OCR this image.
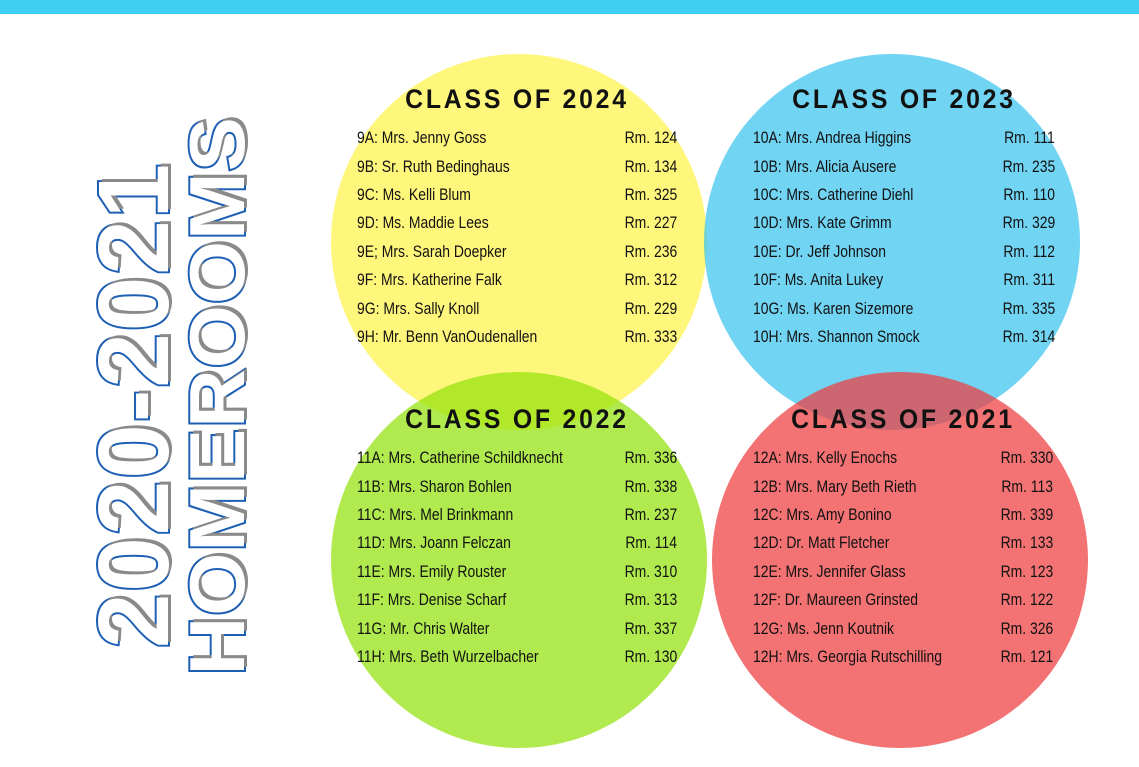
2020-2021
HOMEROOMS
CLASS OF 2024
9A: Mrs. Jenny Goss	Rm. 124
9B: Sr. Ruth Bedinghaus	Rm. 134
9C: Ms. Kelli Blum	Rm. 325
9D: Ms. Maddie Lees	Rm. 227
9E; Mrs. Sarah Doepker	Rm. 236
9F: Mrs. Katherine Falk	Rm. 312
9G: Mrs. Sally Knoll	Rm. 229
9H: Mr. Benn VanOudenallen	Rm. 333
CLASS OF 2023
10A: Mrs. Andrea Higgins	Rm. 111
10B: Mrs. Alicia Ausere	Rm. 235
10C: Mrs. Catherine Diehl	Rm. 110
10D: Mrs. Kate Grimm	Rm. 329
10E: Dr. Jeff Johnson	Rm. 112
10F: Ms. Anita Lukey	Rm. 311
10G: Ms. Karen Sizemore	Rm. 335
10H: Mrs. Shannon Smock	Rm. 314
CLASS OF 2022
11A: Mrs. Catherine Schildknecht	Rm. 336
11B: Mrs. Sharon Bohlen	Rm. 338
11C: Mrs. Mel Brinkmann	Rm. 237
11D: Mrs. Joann Felczan	Rm. 114
11E: Mrs. Emily Rouster	Rm. 310
11F: Mrs. Denise Scharf	Rm. 313
11G: Mr. Chris Walter	Rm. 337
11H: Mrs. Beth Wurzelbacher	Rm. 130
CLASS OF 2021
12A: Mrs. Kelly Enochs	Rm. 330
12B: Mrs. Mary Beth Rieth	Rm. 113
12C: Mrs. Amy Bonino	Rm. 339
12D: Dr. Matt Fletcher	Rm. 133
12E: Mrs. Jennifer Glass	Rm. 123
12F: Dr. Maureen Grinsted	Rm. 122
12G: Ms. Jenn Koutnik	Rm. 326
12H: Mrs. Georgia Rutschilling	Rm. 121
